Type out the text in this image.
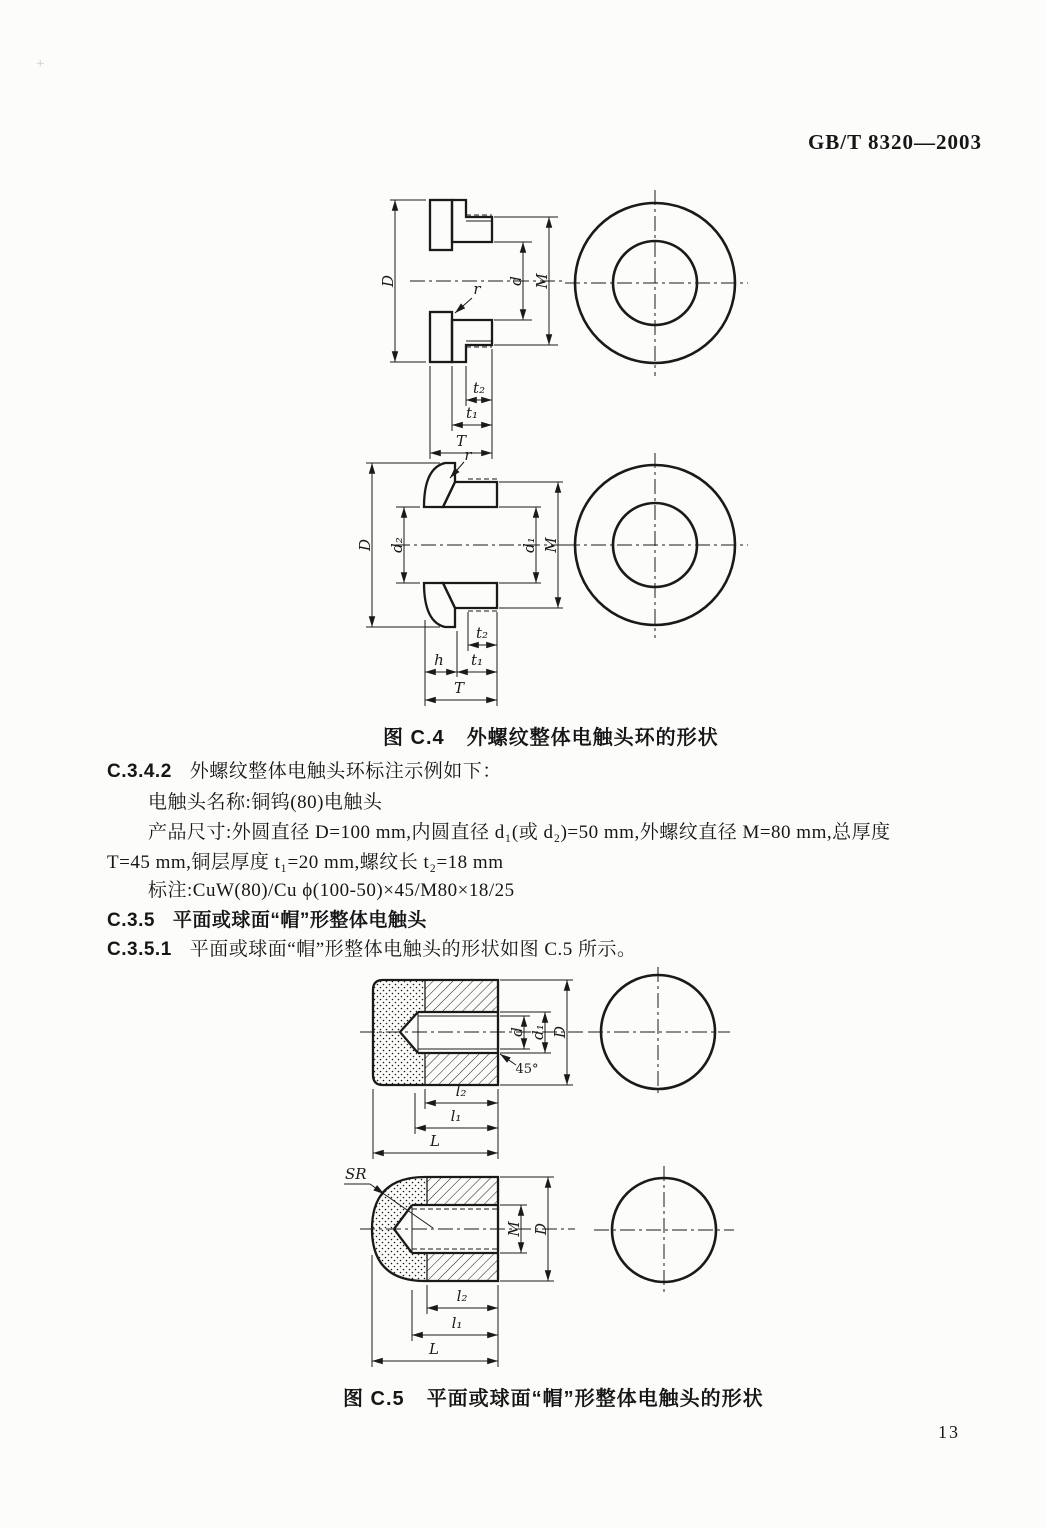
+
GB/T 8320—2003
D	d M
r
t₂
t₁
T
r
D d₂	d₁ M
t₂
h t₁
T
图 C.4 外螺纹整体电触头环的形状
C.3.4.2 外螺纹整体电触头环标注示例如下：
电触头名称:铜钨(80)电触头
产品尺寸:外圆直径 D=100 mm,内圆直径 d₁(或 d₂)=50 mm,外螺纹直径 M=80 mm,总厚度
T=45 mm,铜层厚度 t₁=20 mm,螺纹长 t₂=18 mm
标注:CuW(80)/Cu ϕ(100-50)×45/M80×18/25
C.3.5 平面或球面“帽”形整体电触头
C.3.5.1 平面或球面“帽”形整体电触头的形状如图 C.5 所示。
45°
d d₁ D
l₂
l₁
L
SR
M D
l₂
l₁
L
图 C.5 平面或球面“帽”形整体电触头的形状
13
